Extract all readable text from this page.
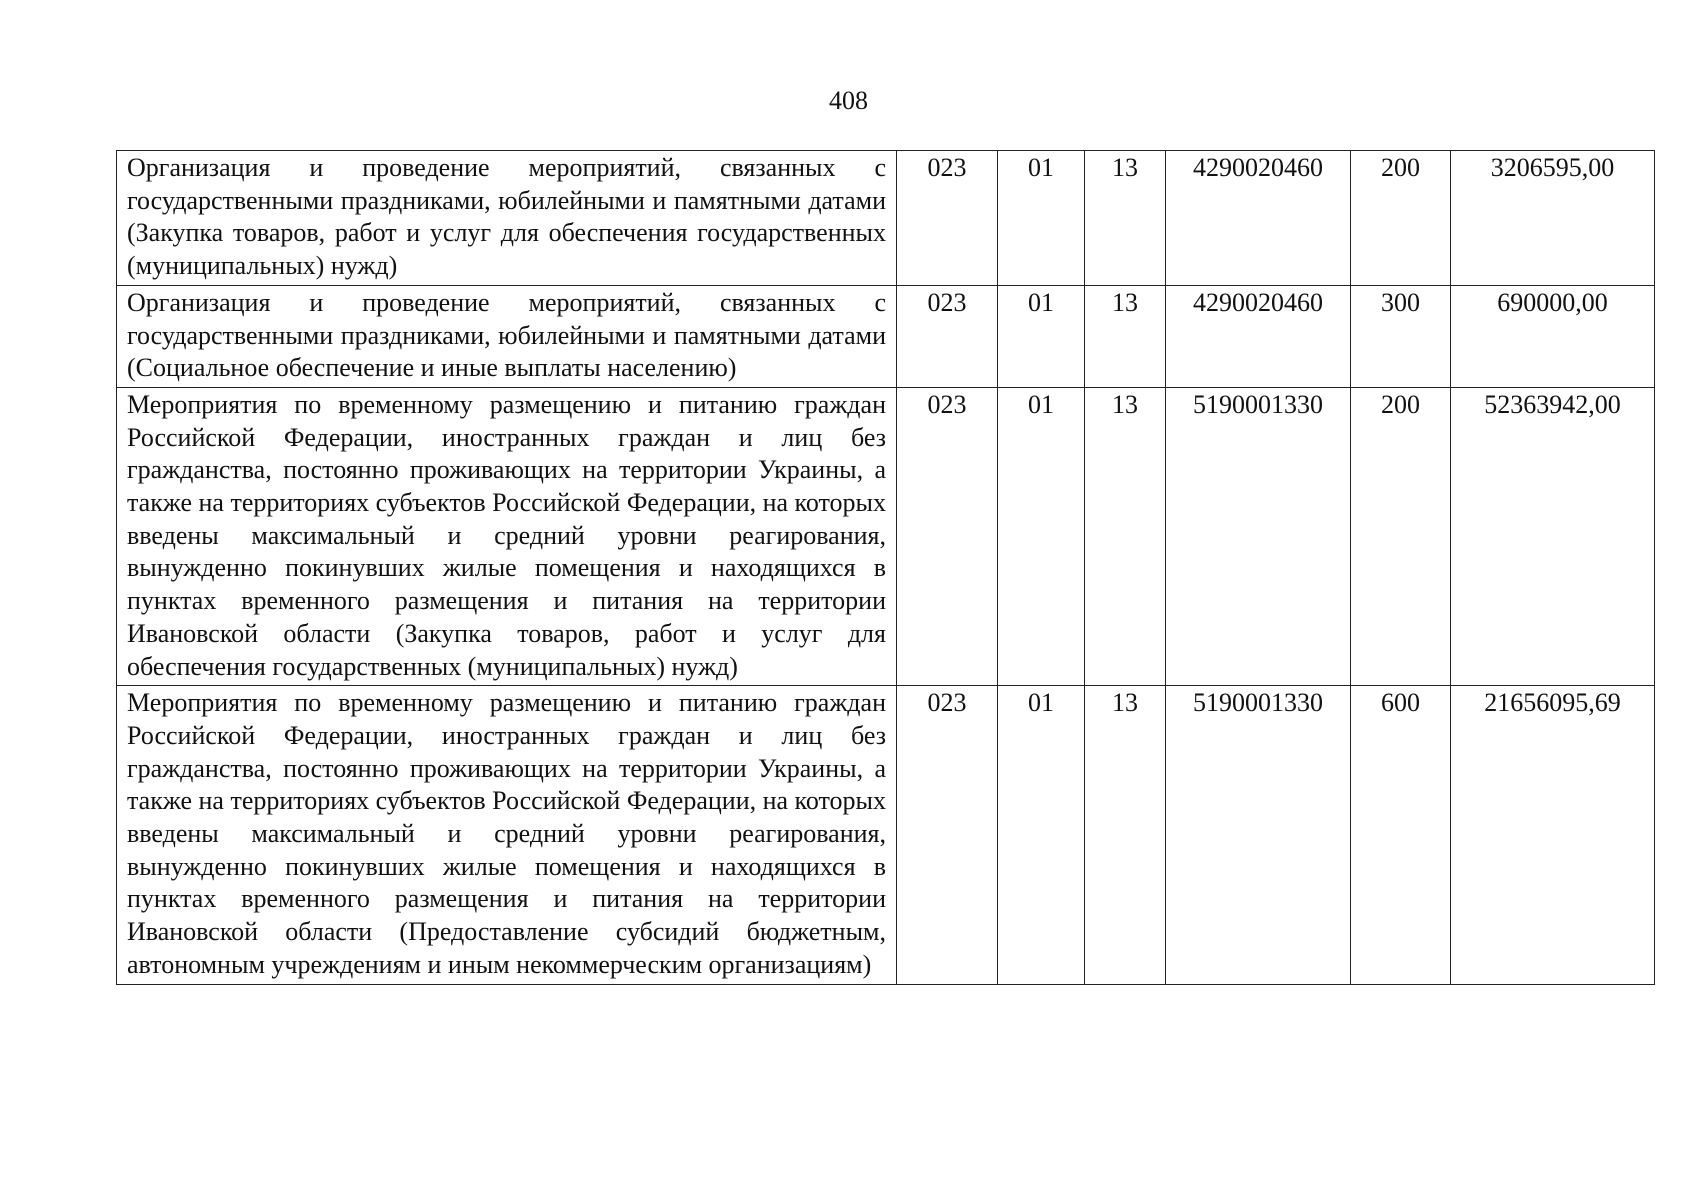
408
Организация и проведение мероприятий, связанных с государственными праздниками, юбилейными и памятными датами (Закупка товаров, работ и услуг для обеспечения государственных (муниципальных) нужд)	023	01	13	4290020460	200	3206595,00
Организация и проведение мероприятий, связанных с государственными праздниками, юбилейными и памятными датами (Социальное обеспечение и иные выплаты населению)	023	01	13	4290020460	300	690000,00
Мероприятия по временному размещению и питанию граждан Российской Федерации, иностранных граждан и лиц без гражданства, постоянно проживающих на территории Украины, а также на территориях субъектов Российской Федерации, на которых введены максимальный и средний уровни реагирования, вынужденно покинувших жилые помещения и находящихся в пунктах временного размещения и питания на территории Ивановской области (Закупка товаров, работ и услуг для обеспечения государственных (муниципальных) нужд)	023	01	13	5190001330	200	52363942,00
Мероприятия по временному размещению и питанию граждан Российской Федерации, иностранных граждан и лиц без гражданства, постоянно проживающих на территории Украины, а также на территориях субъектов Российской Федерации, на которых введены максимальный и средний уровни реагирования, вынужденно покинувших жилые помещения и находящихся в пунктах временного размещения и питания на территории Ивановской области (Предоставление субсидий бюджетным, автономным учреждениям и иным некоммерческим организациям)	023	01	13	5190001330	600	21656095,69
